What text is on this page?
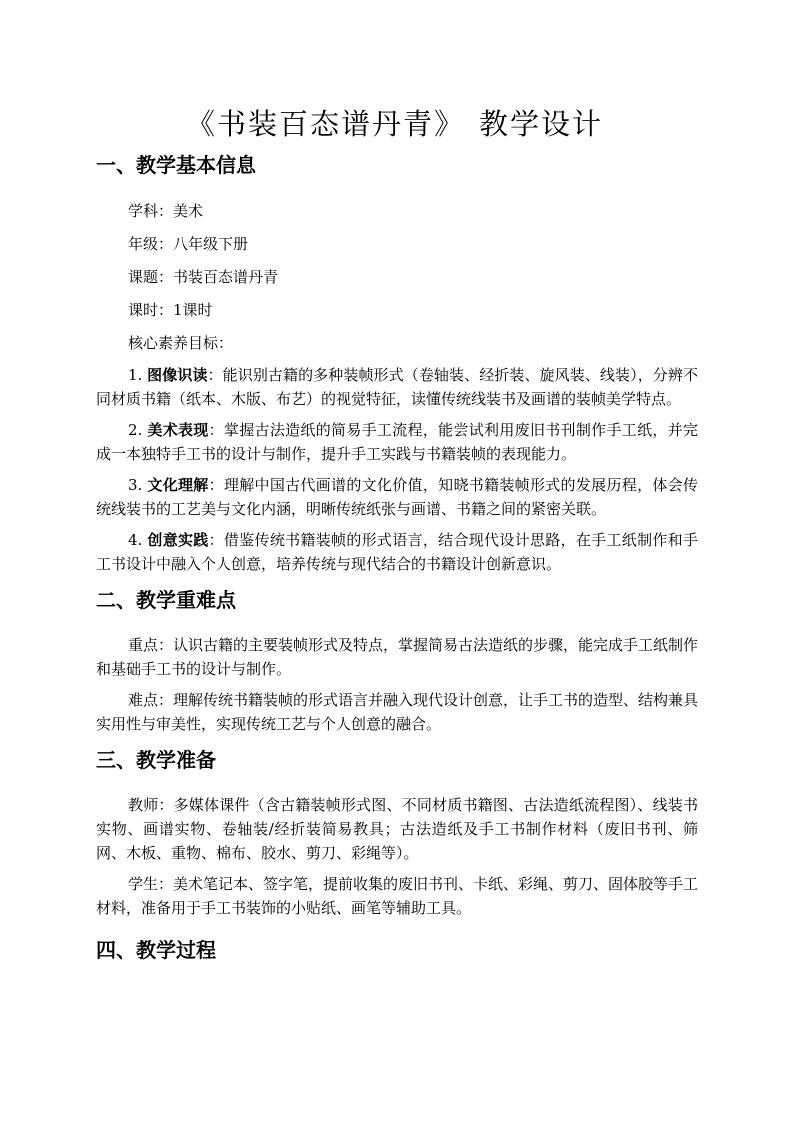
《书装百态谱丹青》 教学设计
一、教学基本信息
学科：美术
年级：八年级下册
课题：书装百态谱丹青
课时：1课时
核心素养目标：

1. 图像识读：能识别古籍的多种装帧形式（卷轴装、经折装、旋风装、线装），分辨不同材质书籍（纸本、木版、布艺）的视觉特征，读懂传统线装书及画谱的装帧美学特点。

2. 美术表现：掌握古法造纸的简易手工流程，能尝试利用废旧书刊制作手工纸，并完成一本独特手工书的设计与制作，提升手工实践与书籍装帧的表现能力。

3. 文化理解：理解中国古代画谱的文化价值，知晓书籍装帧形式的发展历程，体会传统线装书的工艺美与文化内涵，明晰传统纸张与画谱、书籍之间的紧密关联。

4. 创意实践：借鉴传统书籍装帧的形式语言，结合现代设计思路，在手工纸制作和手工书设计中融入个人创意，培养传统与现代结合的书籍设计创新意识。

二、教学重难点

重点：认识古籍的主要装帧形式及特点，掌握简易古法造纸的步骤，能完成手工纸制作和基础手工书的设计与制作。

难点：理解传统书籍装帧的形式语言并融入现代设计创意，让手工书的造型、结构兼具实用性与审美性，实现传统工艺与个人创意的融合。

三、教学准备

教师：多媒体课件（含古籍装帧形式图、不同材质书籍图、古法造纸流程图）、线装书实物、画谱实物、卷轴装/经折装简易教具；古法造纸及手工书制作材料（废旧书刊、筛网、木板、重物、棉布、胶水、剪刀、彩绳等）。

学生：美术笔记本、签字笔，提前收集的废旧书刊、卡纸、彩绳、剪刀、固体胶等手工材料，准备用于手工书装饰的小贴纸、画笔等辅助工具。

四、教学过程
